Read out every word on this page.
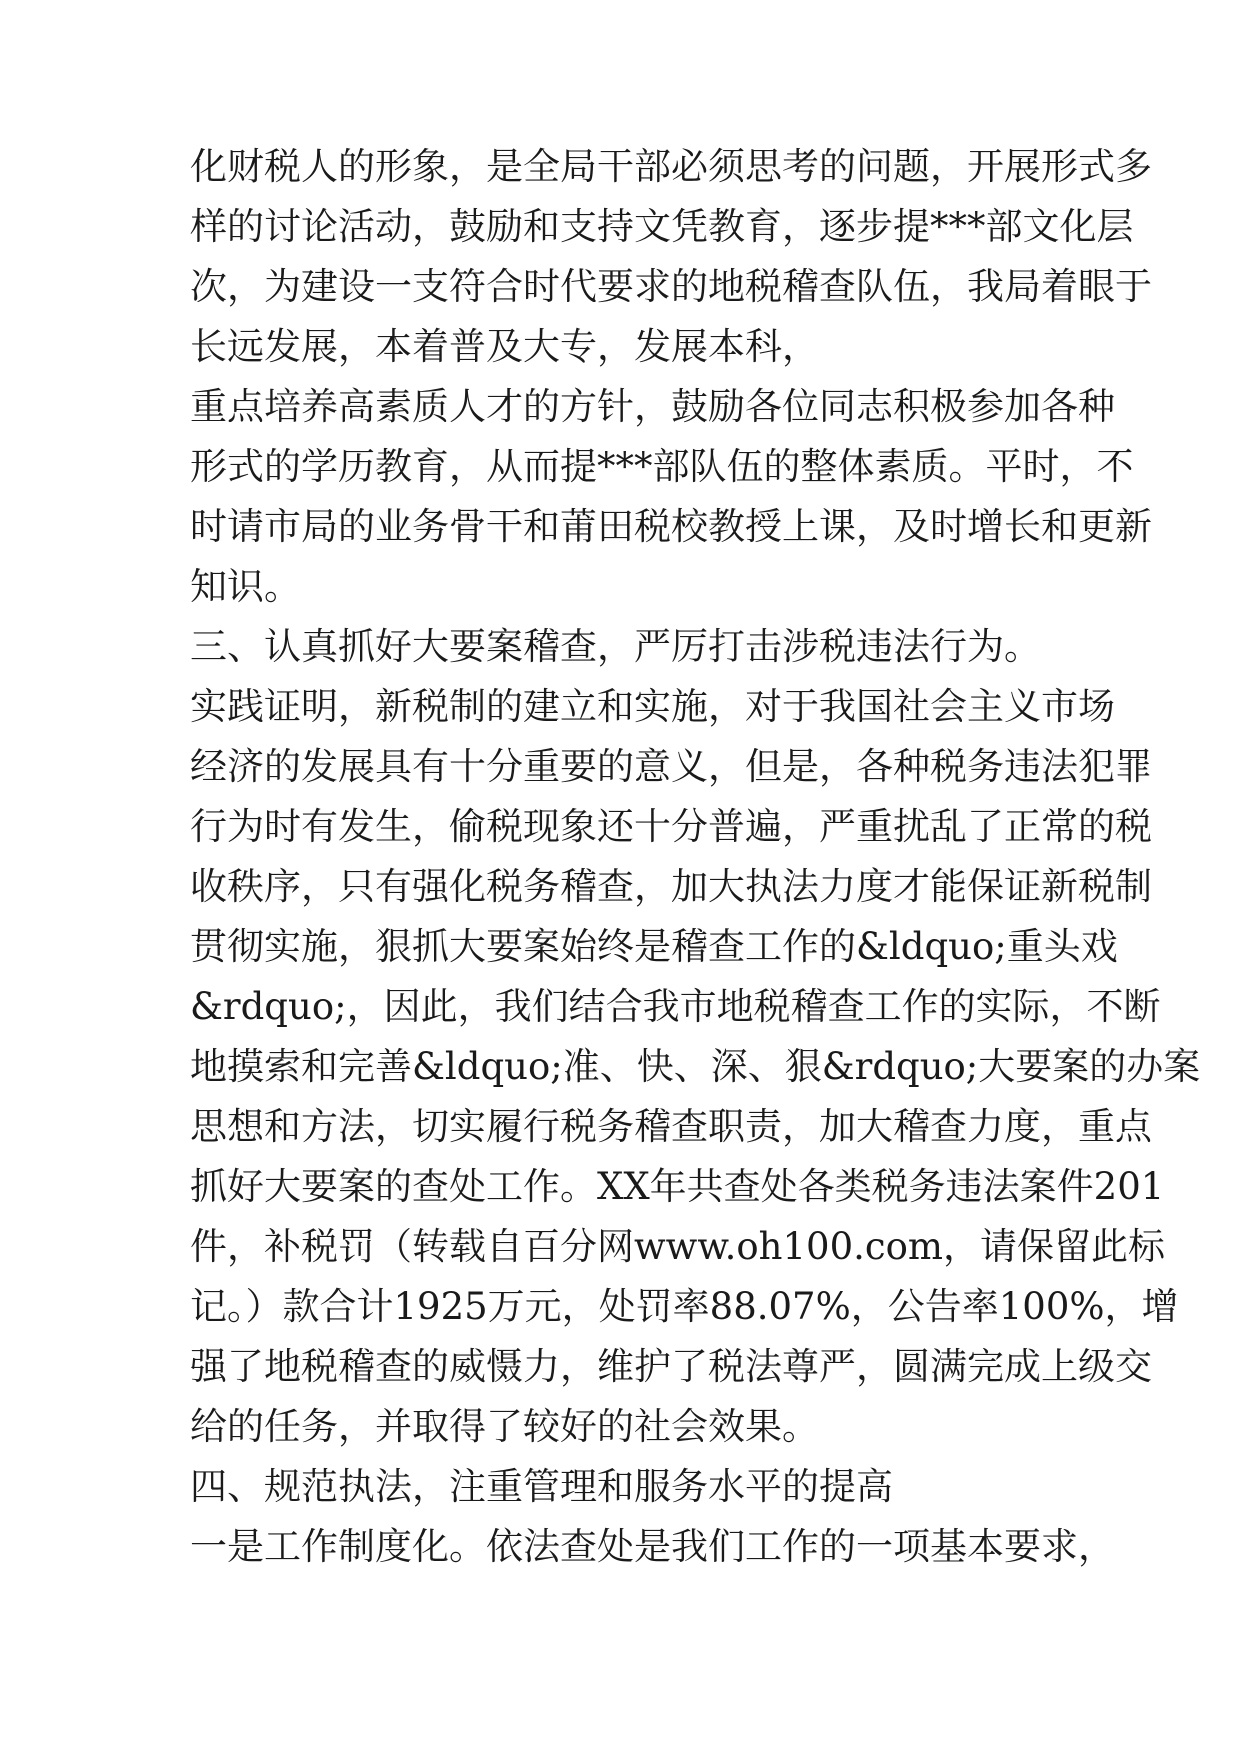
化财税人的形象，是全局干部必须思考的问题，开展形式多
样的讨论活动，鼓励和支持文凭教育，逐步提***部文化层
次，为建设一支符合时代要求的地税稽查队伍，我局着眼于
长远发展，本着普及大专，发展本科，
重点培养高素质人才的方针，鼓励各位同志积极参加各种
形式的学历教育，从而提***部队伍的整体素质。平时，不
时请市局的业务骨干和莆田税校教授上课，及时增长和更新
知识。
三、认真抓好大要案稽查，严厉打击涉税违法行为。
实践证明，新税制的建立和实施，对于我国社会主义市场
经济的发展具有十分重要的意义，但是，各种税务违法犯罪
行为时有发生，偷税现象还十分普遍，严重扰乱了正常的税
收秩序，只有强化税务稽查，加大执法力度才能保证新税制
贯彻实施，狠抓大要案始终是稽查工作的&ldquo;重头戏
&rdquo;，因此，我们结合我市地税稽查工作的实际，不断
地摸索和完善&ldquo;准、快、深、狠&rdquo;大要案的办案
思想和方法，切实履行税务稽查职责，加大稽查力度，重点
抓好大要案的查处工作。XX年共查处各类税务违法案件201
件，补税罚（转载自百分网www.oh100.com，请保留此标
记。）款合计1925万元，处罚率88.07%，公告率100%，增
强了地税稽查的威慑力，维护了税法尊严，圆满完成上级交
给的任务，并取得了较好的社会效果。
四、规范执法，注重管理和服务水平的提高
一是工作制度化。依法查处是我们工作的一项基本要求，
